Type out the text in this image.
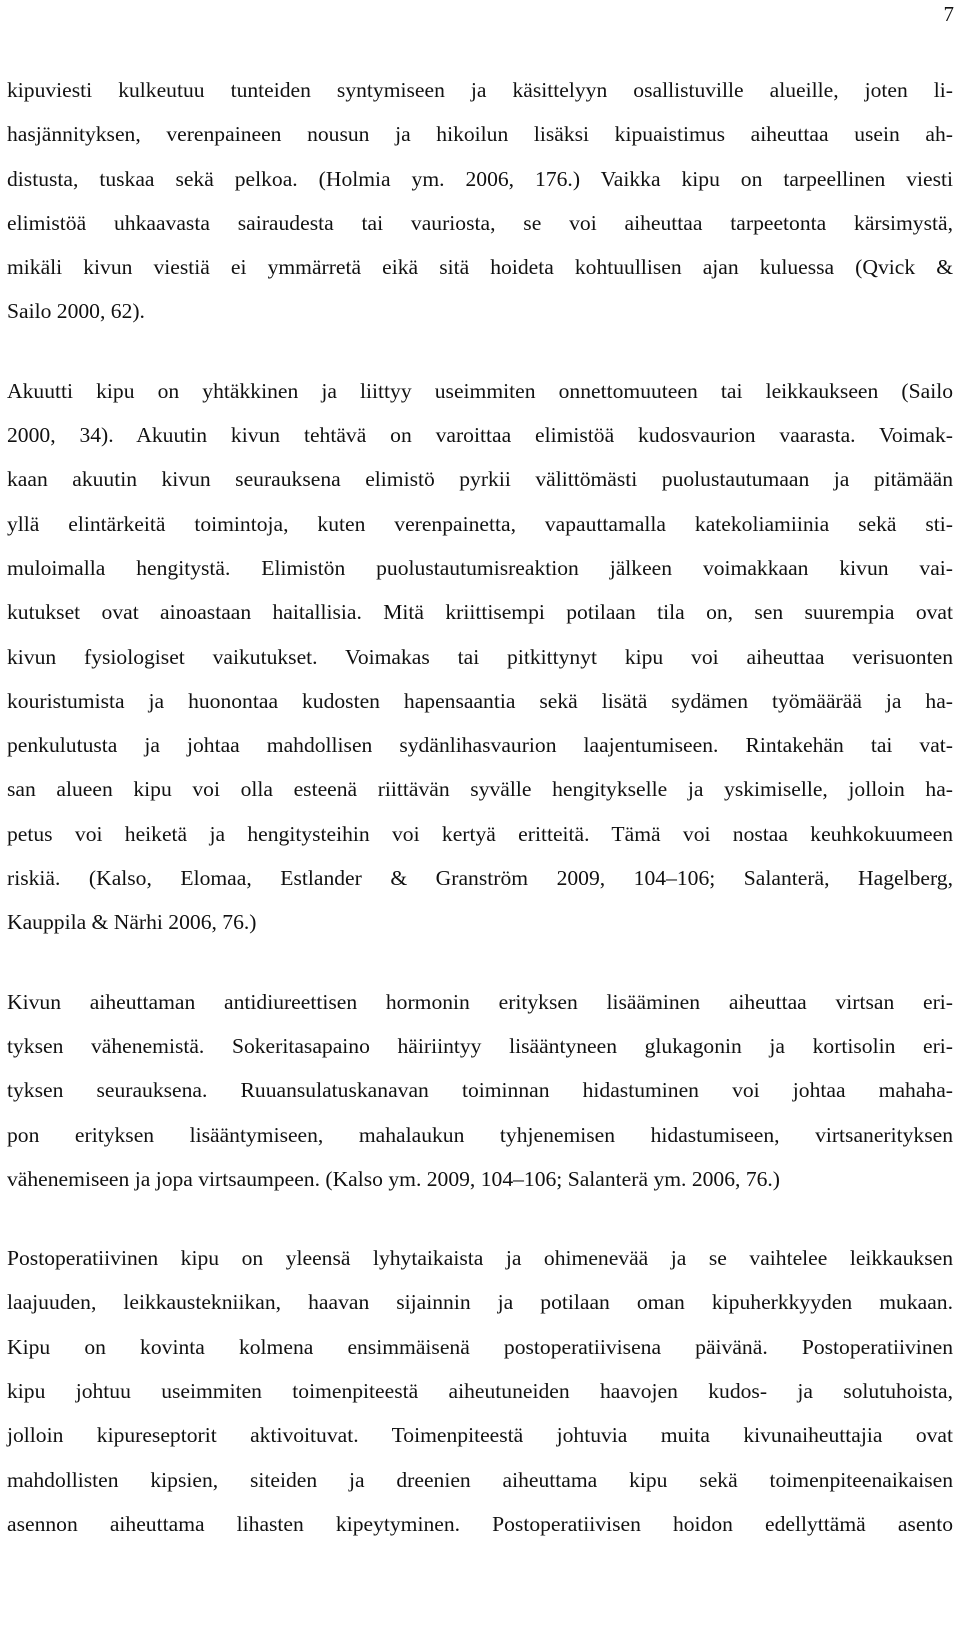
7

kipuviesti kulkeutuu tunteiden syntymiseen ja käsittelyyn osallistuville alueille, joten li-
hasjännityksen, verenpaineen nousun ja hikoilun lisäksi kipuaistimus aiheuttaa usein ah-
distusta, tuskaa sekä pelkoa. (Holmia ym. 2006, 176.) Vaikka kipu on tarpeellinen viesti
elimistöä uhkaavasta sairaudesta tai vauriosta, se voi aiheuttaa tarpeetonta kärsimystä,
mikäli kivun viestiä ei ymmärretä eikä sitä hoideta kohtuullisen ajan kuluessa (Qvick &
Sailo 2000, 62).

Akuutti kipu on yhtäkkinen ja liittyy useimmiten onnettomuuteen tai leikkaukseen (Sailo
2000, 34). Akuutin kivun tehtävä on varoittaa elimistöä kudosvaurion vaarasta. Voimak-
kaan akuutin kivun seurauksena elimistö pyrkii välittömästi puolustautumaan ja pitämään
yllä elintärkeitä toimintoja, kuten verenpainetta, vapauttamalla katekoliamiinia sekä sti-
muloimalla hengitystä. Elimistön puolustautumisreaktion jälkeen voimakkaan kivun vai-
kutukset ovat ainoastaan haitallisia. Mitä kriittisempi potilaan tila on, sen suurempia ovat
kivun fysiologiset vaikutukset. Voimakas tai pitkittynyt kipu voi aiheuttaa verisuonten
kouristumista ja huonontaa kudosten hapensaantia sekä lisätä sydämen työmäärää ja ha-
penkulutusta ja johtaa mahdollisen sydänlihasvaurion laajentumiseen. Rintakehän tai vat-
san alueen kipu voi olla esteenä riittävän syvälle hengitykselle ja yskimiselle, jolloin ha-
petus voi heiketä ja hengitysteihin voi kertyä eritteitä. Tämä voi nostaa keuhkokuumeen
riskiä. (Kalso, Elomaa, Estlander & Granström 2009, 104–106; Salanterä, Hagelberg,
Kauppila & Närhi 2006, 76.)

Kivun aiheuttaman antidiureettisen hormonin erityksen lisääminen aiheuttaa virtsan eri-
tyksen vähenemistä. Sokeritasapaino häiriintyy lisääntyneen glukagonin ja kortisolin eri-
tyksen seurauksena. Ruuansulatuskanavan toiminnan hidastuminen voi johtaa mahaha-
pon erityksen lisääntymiseen, mahalaukun tyhjenemisen hidastumiseen, virtsanerityksen
vähenemiseen ja jopa virtsaumpeen. (Kalso ym. 2009, 104–106; Salanterä ym. 2006, 76.)

Postoperatiivinen kipu on yleensä lyhytaikaista ja ohimenevää ja se vaihtelee leikkauksen
laajuuden, leikkaustekniikan, haavan sijainnin ja potilaan oman kipuherkkyyden mukaan.
Kipu on kovinta kolmena ensimmäisenä postoperatiivisena päivänä. Postoperatiivinen
kipu johtuu useimmiten toimenpiteestä aiheutuneiden haavojen kudos- ja solutuhoista,
jolloin kipureseptorit aktivoituvat. Toimenpiteestä johtuvia muita kivunaiheuttajia ovat
mahdollisten kipsien, siteiden ja dreenien aiheuttama kipu sekä toimenpiteenaikaisen
asennon aiheuttama lihasten kipeytyminen. Postoperatiivisen hoidon edellyttämä asento
